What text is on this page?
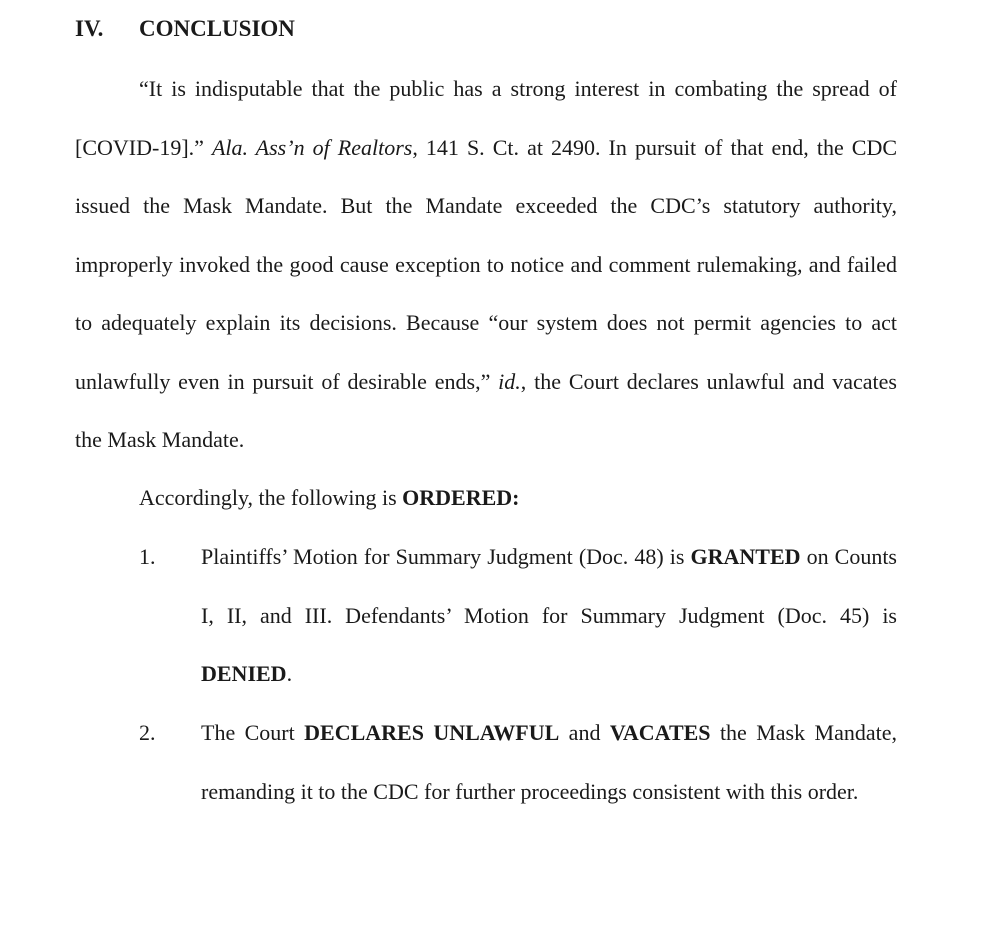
IV. CONCLUSION

“It is indisputable that the public has a strong interest in combating the spread of [COVID-19].” Ala. Ass’n of Realtors, 141 S. Ct. at 2490. In pursuit of that end, the CDC issued the Mask Mandate. But the Mandate exceeded the CDC’s statutory authority, improperly invoked the good cause exception to notice and comment rulemaking, and failed to adequately explain its decisions. Because “our system does not permit agencies to act unlawfully even in pursuit of desirable ends,” id., the Court declares unlawful and vacates the Mask Mandate.

Accordingly, the following is ORDERED:
1.	Plaintiffs’ Motion for Summary Judgment (Doc. 48) is GRANTED on Counts I, II, and III. Defendants’ Motion for Summary Judgment (Doc. 45) is DENIED.
2.	The Court DECLARES UNLAWFUL and VACATES the Mask Mandate, remanding it to the CDC for further proceedings consistent with this order.
